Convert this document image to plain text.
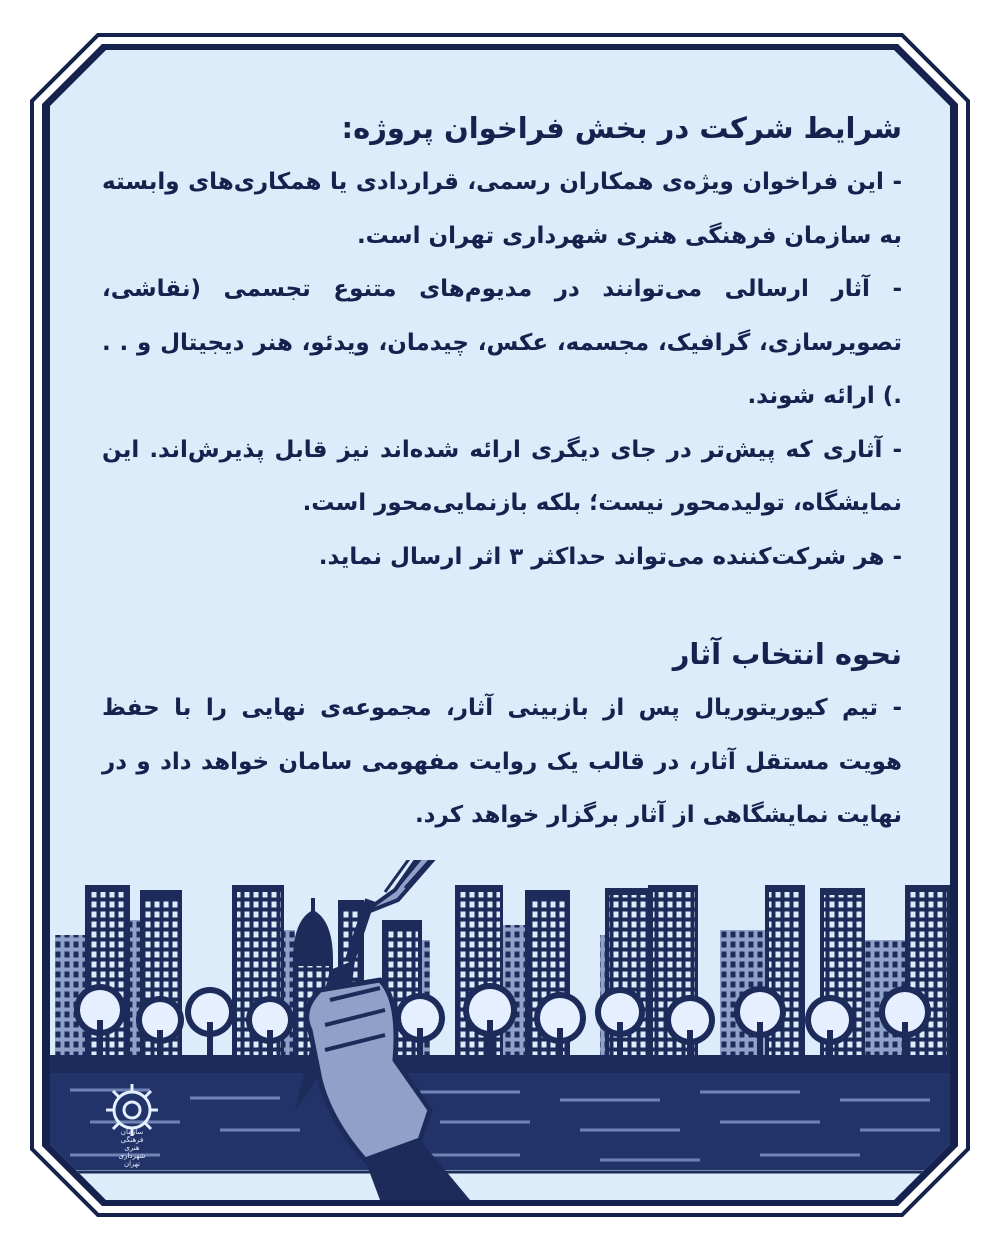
سازمان فرهنگی هنری شهرداری تهران
شرایط شرکت در بخش فراخوان پروژه:

- این فراخوان ویژه‌ی همکاران رسمی، قراردادی یا همکاری‌های وابسته به سازمان فرهنگی هنری شهرداری تهران است.

- آثار ارسالی می‌توانند در مدیوم‌های متنوع تجسمی (نقاشی، تصویرسازی، گرافیک، مجسمه، عکس، چیدمان، ویدئو، هنر دیجیتال و . . .) ارائه شوند.

- آثاری که پیش‌تر در جای دیگری ارائه شده‌اند نیز قابل پذیرش‌اند. این نمایشگاه، تولیدمحور نیست؛ بلکه بازنمایی‌محور است.

- هر شرکت‌کننده می‌تواند حداکثر ۳ اثر ارسال نماید.

نحوه انتخاب آثار

- تیم کیوریتوریال پس از بازبینی آثار، مجموعه‌ی نهایی را با حفظ هویت مستقل آثار، در قالب یک روایت مفهومی سامان خواهد داد و در نهایت نمایشگاهی از آثار برگزار خواهد کرد.
